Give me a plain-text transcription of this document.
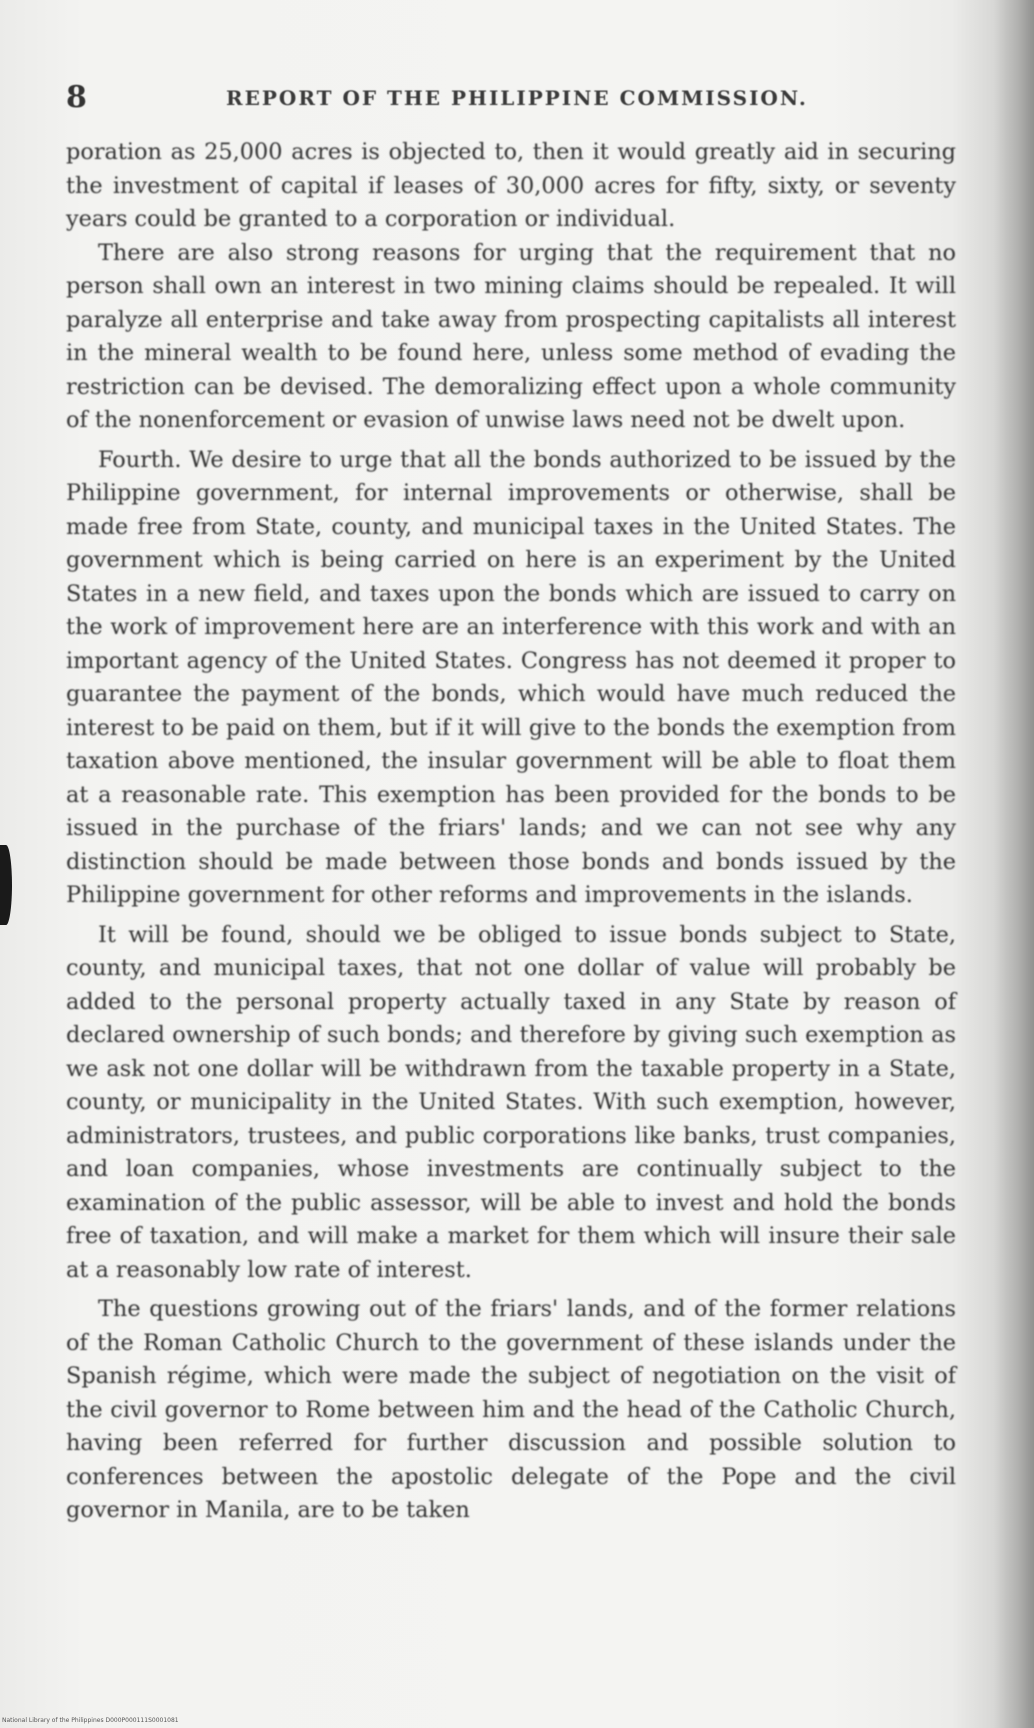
8	REPORT OF THE PHILIPPINE COMMISSION.

poration as 25,000 acres is objected to, then it would greatly aid in securing the investment of capital if leases of 30,000 acres for fifty, sixty, or seventy years could be granted to a corporation or individual.

There are also strong reasons for urging that the requirement that no person shall own an interest in two mining claims should be repealed. It will paralyze all enterprise and take away from prospecting capitalists all interest in the mineral wealth to be found here, unless some method of evading the restriction can be devised. The demoralizing effect upon a whole community of the nonenforcement or evasion of unwise laws need not be dwelt upon.

Fourth. We desire to urge that all the bonds authorized to be issued by the Philippine government, for internal improvements or otherwise, shall be made free from State, county, and municipal taxes in the United States. The government which is being carried on here is an experiment by the United States in a new field, and taxes upon the bonds which are issued to carry on the work of improvement here are an interference with this work and with an important agency of the United States. Congress has not deemed it proper to guarantee the payment of the bonds, which would have much reduced the interest to be paid on them, but if it will give to the bonds the exemption from taxation above mentioned, the insular government will be able to float them at a reasonable rate. This exemption has been provided for the bonds to be issued in the purchase of the friars' lands; and we can not see why any distinction should be made between those bonds and bonds issued by the Philippine government for other reforms and improvements in the islands.

It will be found, should we be obliged to issue bonds subject to State, county, and municipal taxes, that not one dollar of value will probably be added to the personal property actually taxed in any State by reason of declared ownership of such bonds; and therefore by giving such exemption as we ask not one dollar will be withdrawn from the taxable property in a State, county, or municipality in the United States. With such exemption, however, administrators, trustees, and public corporations like banks, trust companies, and loan companies, whose investments are continually subject to the examination of the public assessor, will be able to invest and hold the bonds free of taxation, and will make a market for them which will insure their sale at a reasonably low rate of interest.

The questions growing out of the friars' lands, and of the former relations of the Roman Catholic Church to the government of these islands under the Spanish régime, which were made the subject of negotiation on the visit of the civil governor to Rome between him and the head of the Catholic Church, having been referred for further discussion and possible solution to conferences between the apostolic delegate of the Pope and the civil governor in Manila, are to be taken

National Library of the Philippines D000P000111S0001081
